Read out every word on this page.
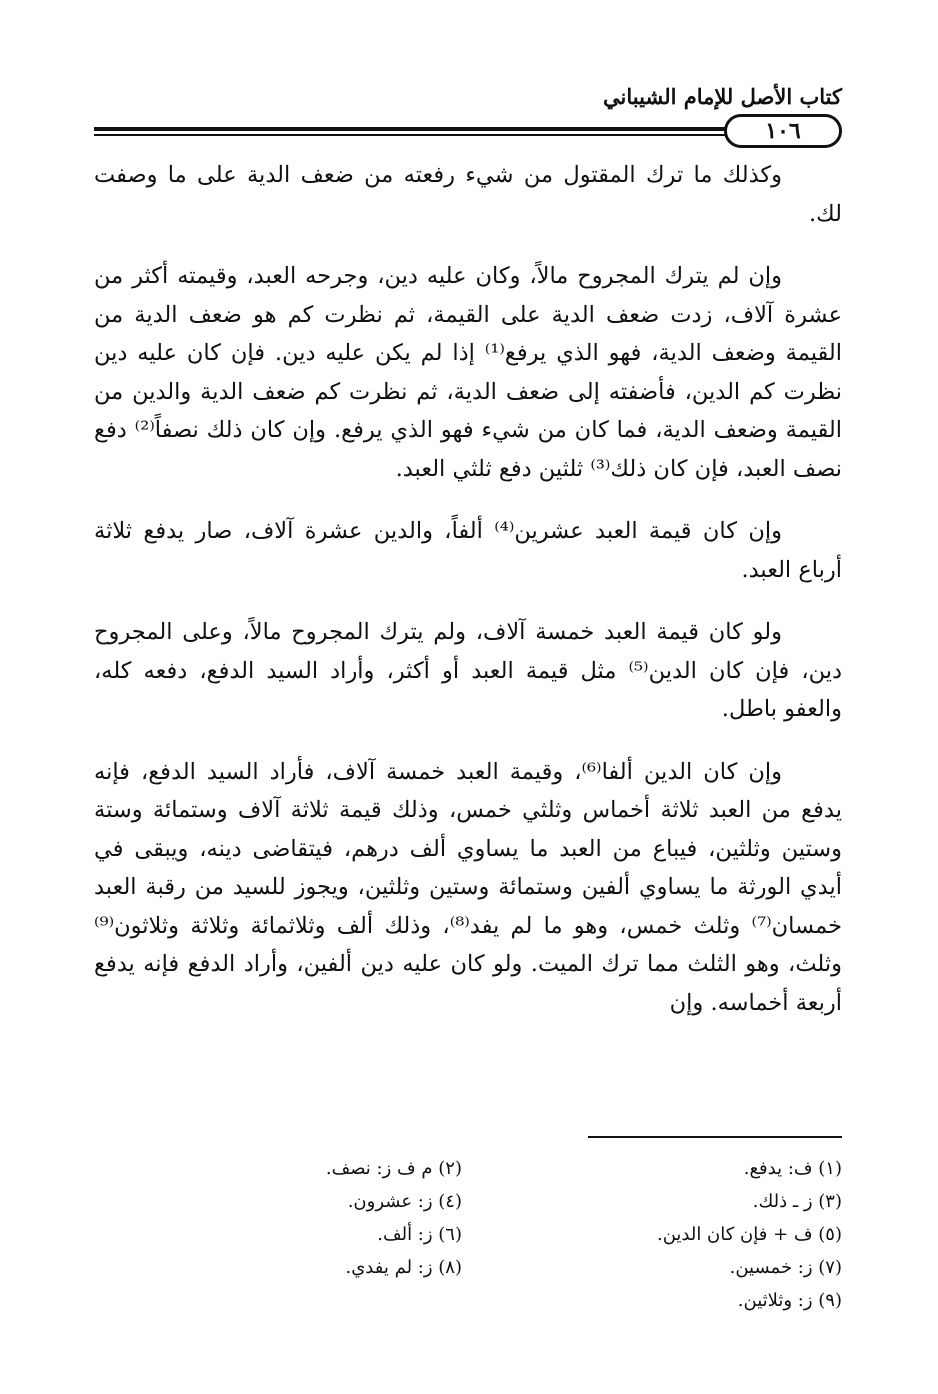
كتاب الأصل للإمام الشيباني
١٠٦

وكذلك ما ترك المقتول من شيء رفعته من ضعف الدية على ما وصفت لك.

وإن لم يترك المجروح مالاً، وكان عليه دين، وجرحه العبد، وقيمته أكثر من عشرة آلاف، زدت ضعف الدية على القيمة، ثم نظرت كم هو ضعف الدية من القيمة وضعف الدية، فهو الذي يرفع⁽¹⁾ إذا لم يكن عليه دين. فإن كان عليه دين نظرت كم الدين، فأضفته إلى ضعف الدية، ثم نظرت كم ضعف الدية والدين من القيمة وضعف الدية، فما كان من شيء فهو الذي يرفع. وإن كان ذلك نصفاً⁽²⁾ دفع نصف العبد، فإن كان ذلك⁽³⁾ ثلثين دفع ثلثي العبد.

وإن كان قيمة العبد عشرين⁽⁴⁾ ألفاً، والدين عشرة آلاف، صار يدفع ثلاثة أرباع العبد.

ولو كان قيمة العبد خمسة آلاف، ولم يترك المجروح مالاً، وعلى المجروح دين، فإن كان الدين⁽⁵⁾ مثل قيمة العبد أو أكثر، وأراد السيد الدفع، دفعه كله، والعفو باطل.

وإن كان الدين ألفا⁽⁶⁾، وقيمة العبد خمسة آلاف، فأراد السيد الدفع، فإنه يدفع من العبد ثلاثة أخماس وثلثي خمس، وذلك قيمة ثلاثة آلاف وستمائة وستة وستين وثلثين، فيباع من العبد ما يساوي ألف درهم، فيتقاضى دينه، ويبقى في أيدي الورثة ما يساوي ألفين وستمائة وستين وثلثين، ويجوز للسيد من رقبة العبد خمسان⁽⁷⁾ وثلث خمس، وهو ما لم يفد⁽⁸⁾، وذلك ألف وثلاثمائة وثلاثة وثلاثون⁽⁹⁾ وثلث، وهو الثلث مما ترك الميت. ولو كان عليه دين ألفين، وأراد الدفع فإنه يدفع أربعة أخماسه. وإن

(١) ف: يدفع.
(٣) ز ـ ذلك.
(٥) ف + فإن كان الدين.
(٧) ز: خمسين.
(٩) ز: وثلاثين.
(٢) م ف ز: نصف.
(٤) ز: عشرون.
(٦) ز: ألف.
(٨) ز: لم يفدي.
